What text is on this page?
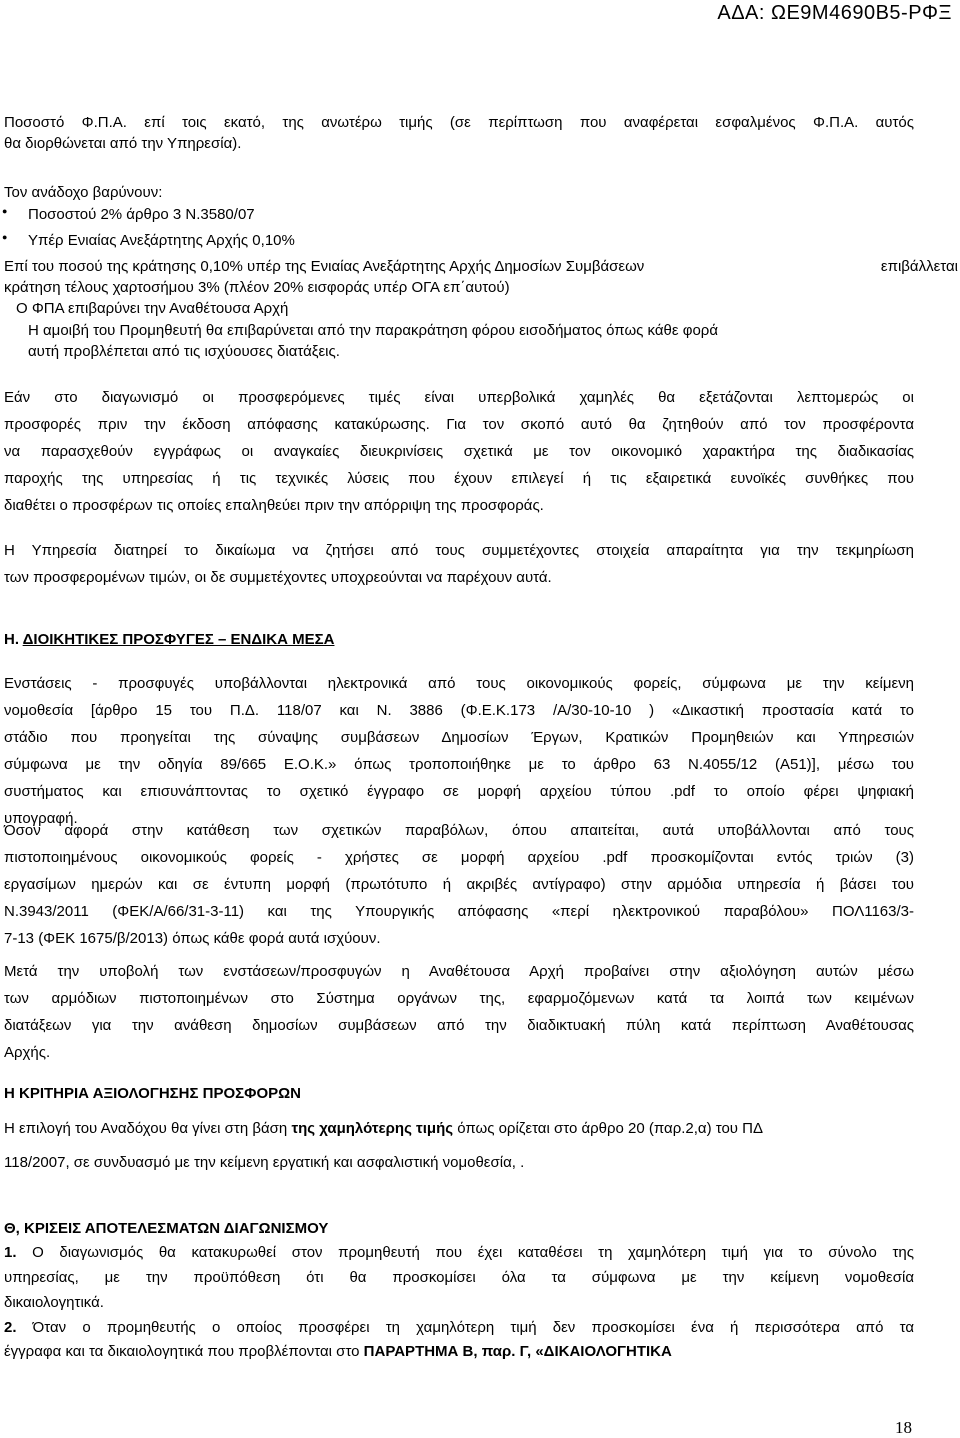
ΑΔΑ: ΩΕ9Μ4690Β5-ΡΦΞ
Ποσοστό Φ.Π.Α. επί τοις εκατό, της ανωτέρω τιμής (σε περίπτωση που αναφέρεται εσφαλμένος Φ.Π.Α. αυτός
θα διορθώνεται από την Υπηρεσία).
Τον ανάδοχο βαρύνουν:
● Ποσοστού 2% άρθρο 3 Ν.3580/07
● Υπέρ Ενιαίας Ανεξάρτητης Αρχής 0,10%
Επί του ποσού της κράτησης 0,10% υπέρ της Ενιαίας Ανεξάρτητης Αρχής Δημοσίων Συμβάσεων	επιβάλλεται
κράτηση τέλους χαρτοσήμου 3% (πλέον 20% εισφοράς υπέρ ΟΓΑ επ΄αυτού)
Ο ΦΠΑ επιβαρύνει την Αναθέτουσα Αρχή
Η αμοιβή του Προμηθευτή θα επιβαρύνεται από την παρακράτηση φόρου εισοδήματος όπως κάθε φορά
αυτή προβλέπεται από τις ισχύουσες διατάξεις.
Εάν στο διαγωνισμό οι προσφερόμενες τιμές είναι υπερβολικά χαμηλές θα εξετάζονται λεπτομερώς οι
προσφορές πριν την έκδοση απόφασης κατακύρωσης. Για τον σκοπό αυτό θα ζητηθούν από τον προσφέροντα
να παρασχεθούν εγγράφως οι αναγκαίες διευκρινίσεις σχετικά με τον οικονομικό χαρακτήρα της διαδικασίας
παροχής της υπηρεσίας ή τις τεχνικές λύσεις που έχουν επιλεγεί ή τις εξαιρετικά ευνοϊκές συνθήκες που
διαθέτει ο προσφέρων τις οποίες επαληθεύει πριν την απόρριψη της προσφοράς.
Η Υπηρεσία διατηρεί το δικαίωμα να ζητήσει από τους συμμετέχοντες στοιχεία απαραίτητα για την τεκμηρίωση
των προσφερομένων τιμών, οι δε συμμετέχοντες υποχρεούνται να παρέχουν αυτά.
Η. ΔΙΟΙΚΗΤΙΚΕΣ ΠΡΟΣΦΥΓΕΣ – ΕΝΔΙΚΑ ΜΕΣΑ
Ενστάσεις - προσφυγές υποβάλλονται ηλεκτρονικά από τους οικονομικούς φορείς, σύμφωνα με την κείμενη
νομοθεσία [άρθρο 15 του Π.Δ. 118/07 και Ν. 3886 (Φ.Ε.Κ.173 /Α/30-10-10 ) «Δικαστική προστασία κατά το
στάδιο που προηγείται της σύναψης συμβάσεων Δημοσίων Έργων, Κρατικών Προμηθειών και Υπηρεσιών
σύμφωνα με την οδηγία 89/665 Ε.Ο.Κ.» όπως τροποποιήθηκε με το άρθρο 63 Ν.4055/12 (Α51)], μέσω του
συστήματος και επισυνάπτοντας το σχετικό έγγραφο σε μορφή αρχείου τύπου .pdf το οποίο φέρει ψηφιακή
υπογραφή.
Όσον αφορά στην κατάθεση των σχετικών παραβόλων, όπου απαιτείται, αυτά υποβάλλονται από τους
πιστοποιημένους οικονομικούς φορείς - χρήστες σε μορφή αρχείου .pdf προσκομίζονται εντός τριών (3)
εργασίμων ημερών και σε έντυπη μορφή (πρωτότυπο ή ακριβές αντίγραφο) στην αρμόδια υπηρεσία ή βάσει του
Ν.3943/2011 (ΦΕΚ/Α/66/31-3-11) και της Υπουργικής απόφασης «περί ηλεκτρονικού παραβόλου» ΠΟΛ1163/3-
7-13 (ΦΕΚ 1675/β/2013) όπως κάθε φορά αυτά ισχύουν.
Μετά την υποβολή των ενστάσεων/προσφυγών η Αναθέτουσα Αρχή προβαίνει στην αξιολόγηση αυτών μέσω
των αρμόδιων πιστοποιημένων στο Σύστημα οργάνων της, εφαρμοζόμενων κατά τα λοιπά των κειμένων
διατάξεων για την ανάθεση δημοσίων συμβάσεων από την διαδικτυακή πύλη κατά περίπτωση Αναθέτουσας
Αρχής.
Η ΚΡΙΤΗΡΙΑ ΑΞΙΟΛΟΓΗΣΗΣ ΠΡΟΣΦΟΡΩΝ
Η επιλογή του Αναδόχου θα γίνει στη βάση της χαμηλότερης τιμής όπως ορίζεται στο άρθρο 20 (παρ.2,α) του ΠΔ
118/2007, σε συνδυασμό με την κείμενη εργατική και ασφαλιστική νομοθεσία, .
Θ, ΚΡΙΣΕΙΣ ΑΠΟΤΕΛΕΣΜΑΤΩΝ ΔΙΑΓΩΝΙΣΜΟΥ
1. Ο διαγωνισμός θα κατακυρωθεί στον προμηθευτή που έχει καταθέσει τη χαμηλότερη τιμή για το σύνολο της
υπηρεσίας, με την προϋπόθεση ότι θα προσκομίσει όλα τα σύμφωνα με την κείμενη νομοθεσία
δικαιολογητικά.
2. Όταν ο προμηθευτής ο οποίος προσφέρει τη χαμηλότερη τιμή δεν προσκομίσει ένα ή περισσότερα από τα
έγγραφα και τα δικαιολογητικά που προβλέπονται στο ΠΑΡΑΡΤΗΜΑ Β, παρ. Γ, «ΔΙΚΑΙΟΛΟΓΗΤΙΚΑ
18
